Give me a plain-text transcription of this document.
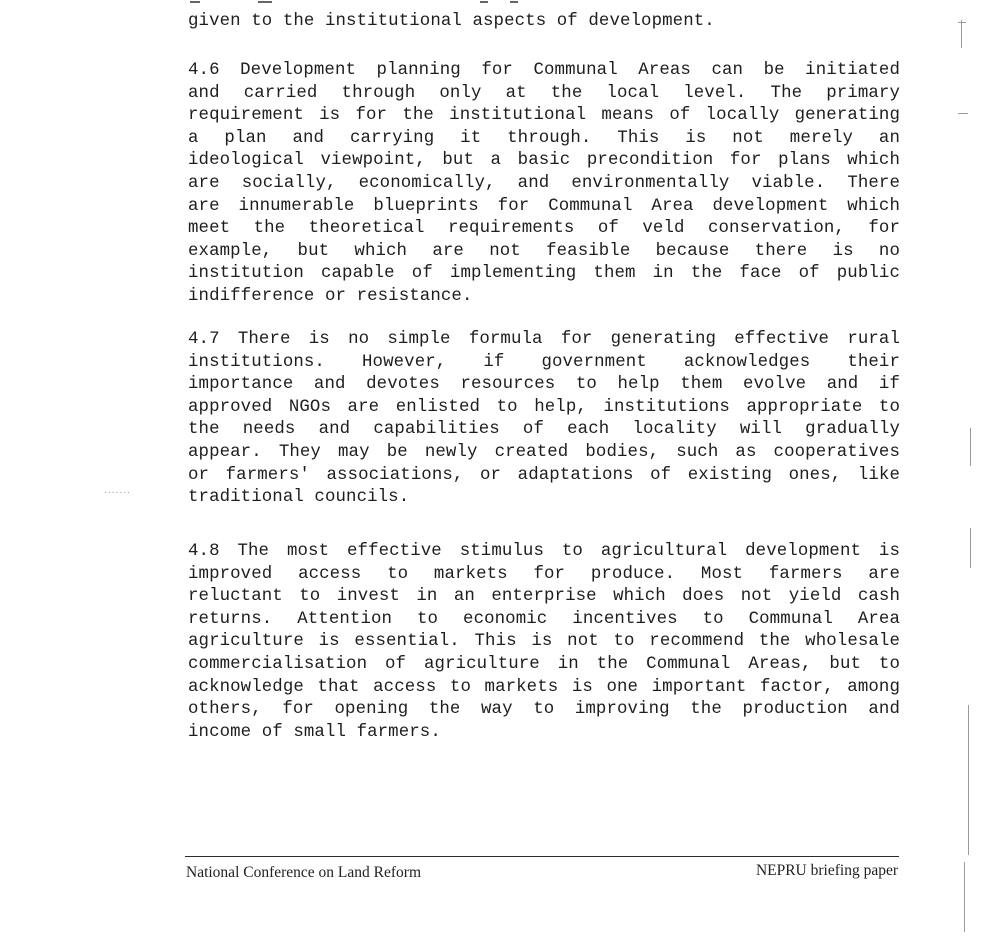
given to the institutional aspects of development.
4.6 Development planning for Communal Areas can be initiated
and carried through only at the local level. The primary
requirement is for the institutional means of locally generating
a plan and carrying it through. This is not merely an
ideological viewpoint, but a basic precondition for plans which
are socially, economically, and environmentally viable. There
are innumerable blueprints for Communal Area development which
meet the theoretical requirements of veld conservation, for
example, but which are not feasible because there is no
institution capable of implementing them in the face of public
indifference or resistance.
4.7 There is no simple formula for generating effective rural
institutions. However, if government acknowledges their
importance and devotes resources to help them evolve and if
approved NGOs are enlisted to help, institutions appropriate to
the needs and capabilities of each locality will gradually
appear. They may be newly created bodies, such as cooperatives
or farmers' associations, or adaptations of existing ones, like
traditional councils.
4.8 The most effective stimulus to agricultural development is
improved access to markets for produce. Most farmers are
reluctant to invest in an enterprise which does not yield cash
returns. Attention to economic incentives to Communal Area
agriculture is essential. This is not to recommend the wholesale
commercialisation of agriculture in the Communal Areas, but to
acknowledge that access to markets is one important factor, among
others, for opening the way to improving the production and
income of small farmers.
.......
National Conference on Land Reform	NEPRU briefing paper
